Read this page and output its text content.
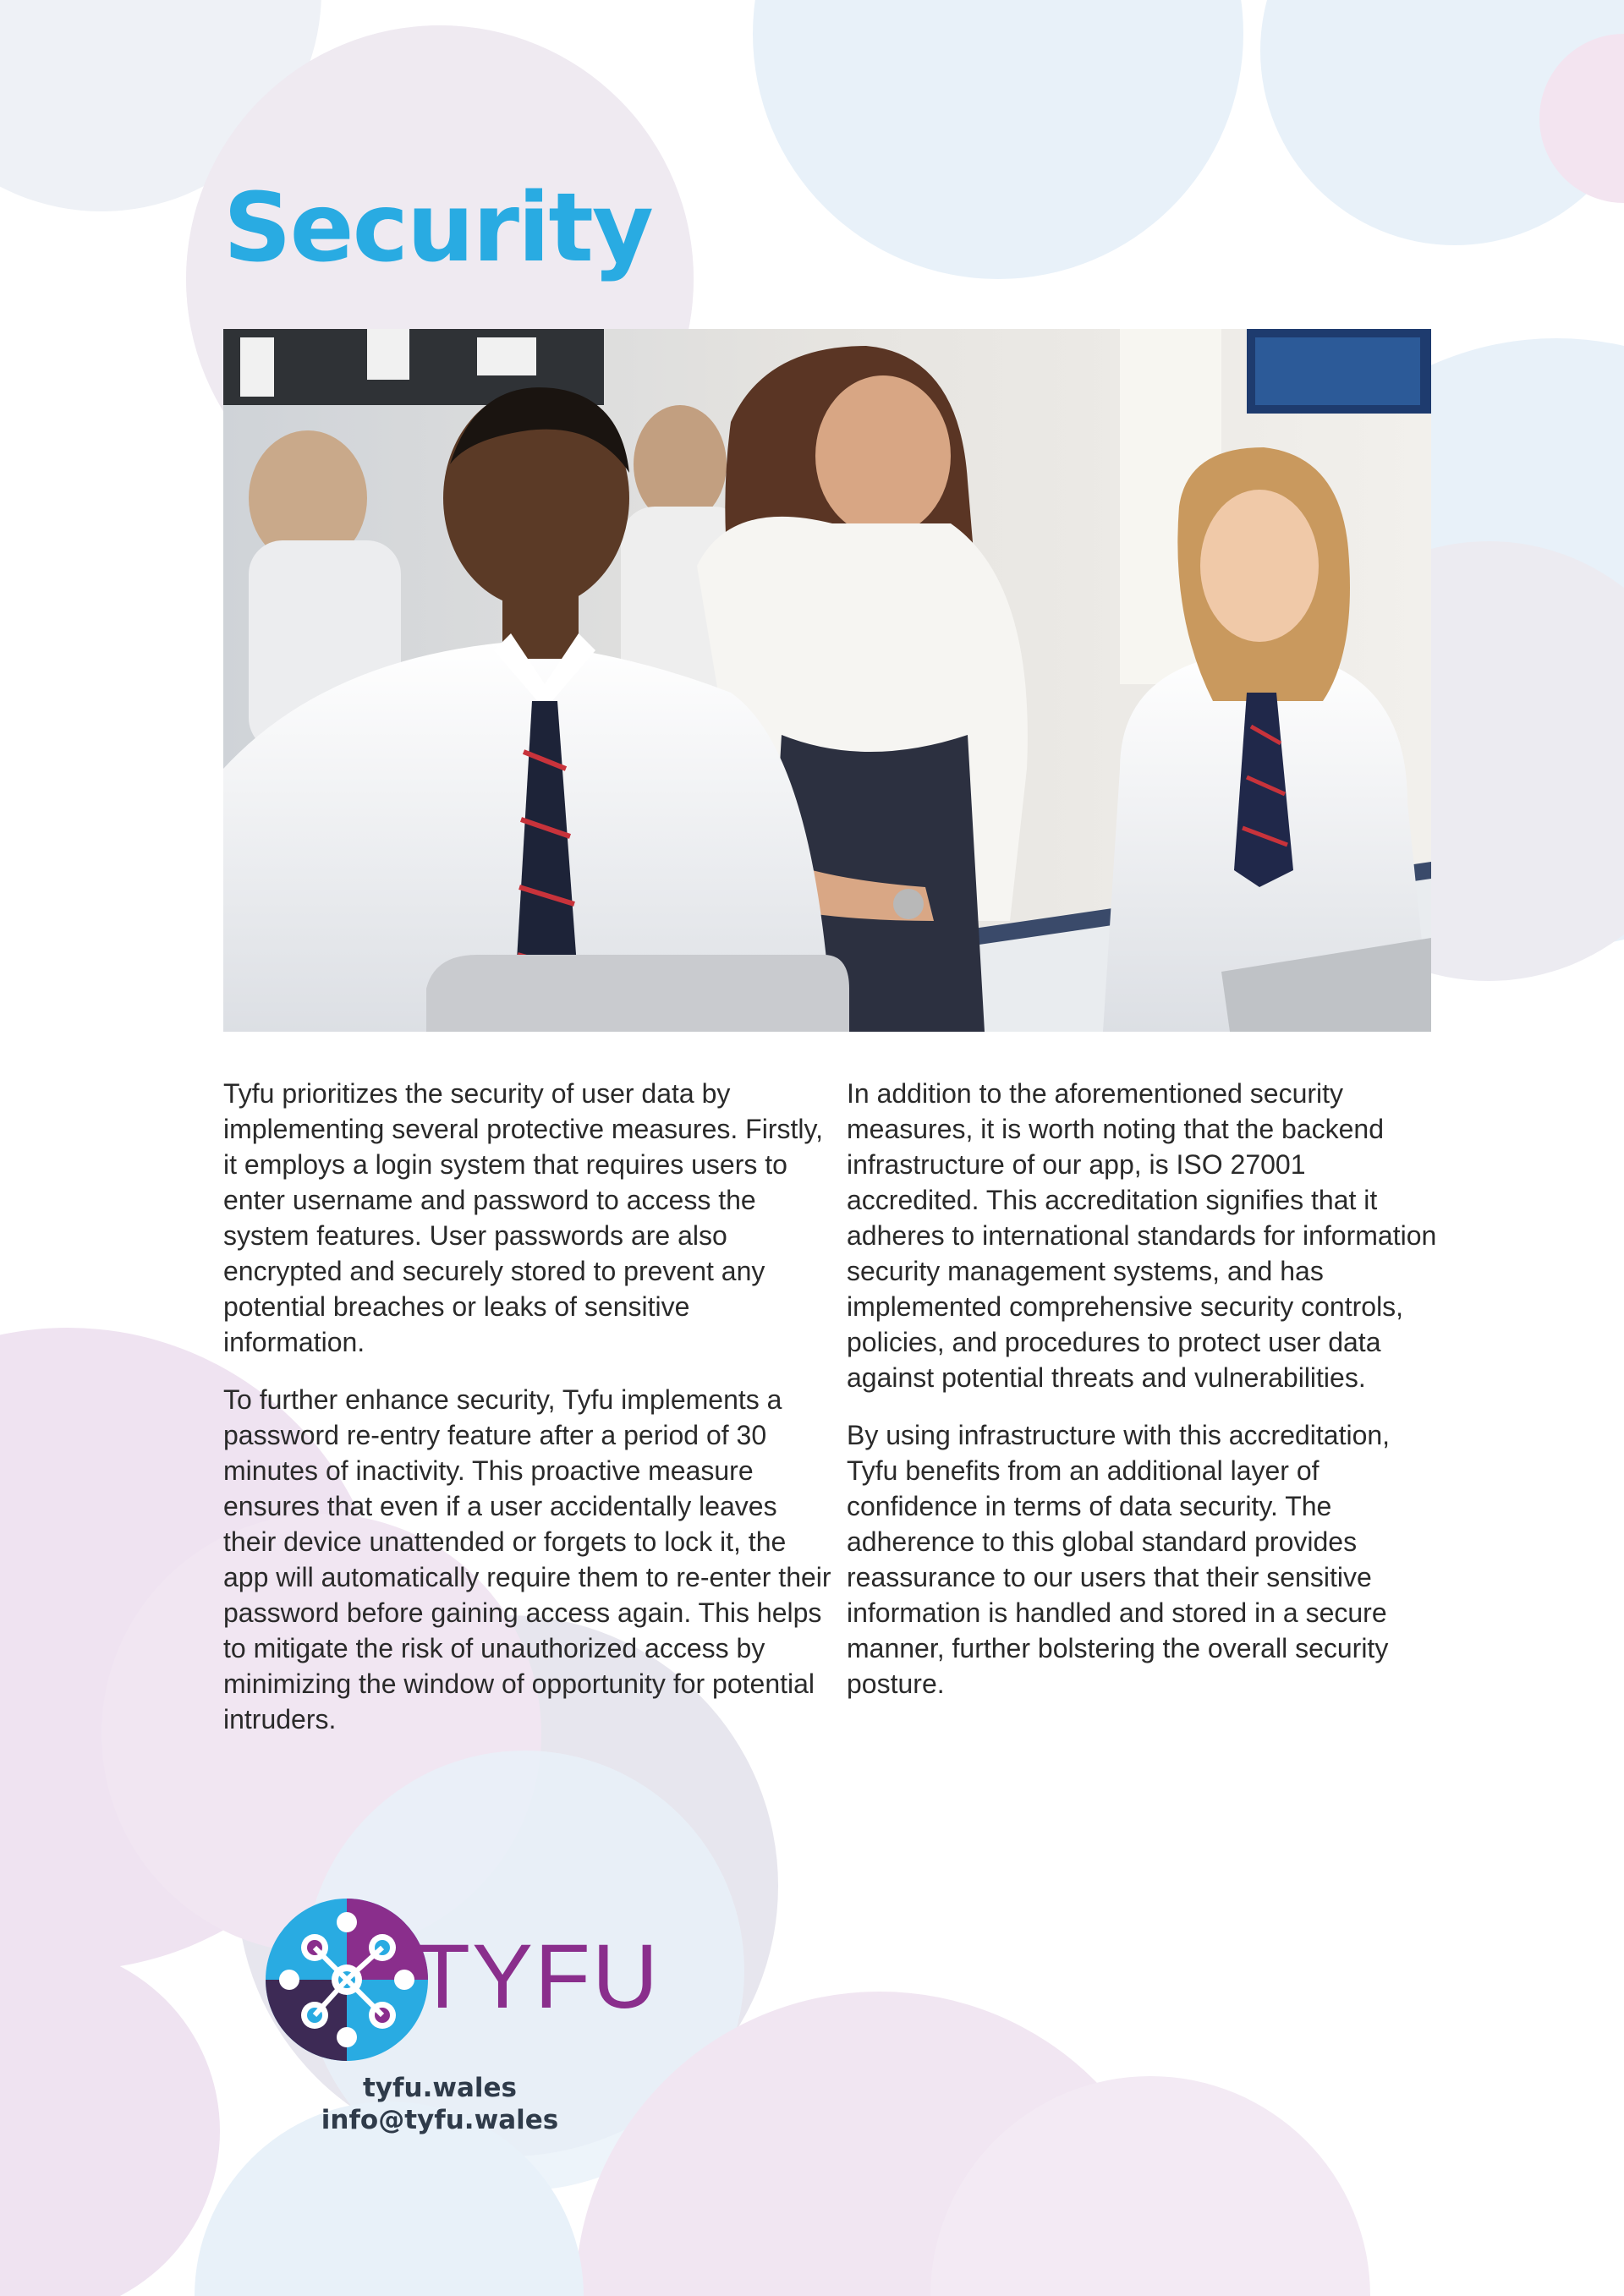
Security

Tyfu prioritizes the security of user data by implementing several protective measures. Firstly, it employs a login system that requires users to enter username and password to access the system features. User passwords are also encrypted and securely stored to prevent any potential breaches or leaks of sensitive information.

To further enhance security, Tyfu implements a password re-entry feature after a period of 30 minutes of inactivity. This proactive measure ensures that even if a user accidentally leaves their device unattended or forgets to lock it, the app will automatically require them to re-enter their password before gaining access again. This helps to mitigate the risk of unauthorized access by minimizing the window of opportunity for potential intruders.

In addition to the aforementioned security measures, it is worth noting that the backend infrastructure of our app, is ISO 27001 accredited. This accreditation signifies that it adheres to international standards for information security management systems, and has implemented comprehensive security controls, policies, and procedures to protect user data against potential threats and vulnerabilities.

By using infrastructure with this accreditation, Tyfu benefits from an additional layer of confidence in terms of data security. The adherence to this global standard provides reassurance to our users that their sensitive information is handled and stored in a secure manner, further bolstering the overall security posture.

TYFU
tyfu.wales
info@tyfu.wales
